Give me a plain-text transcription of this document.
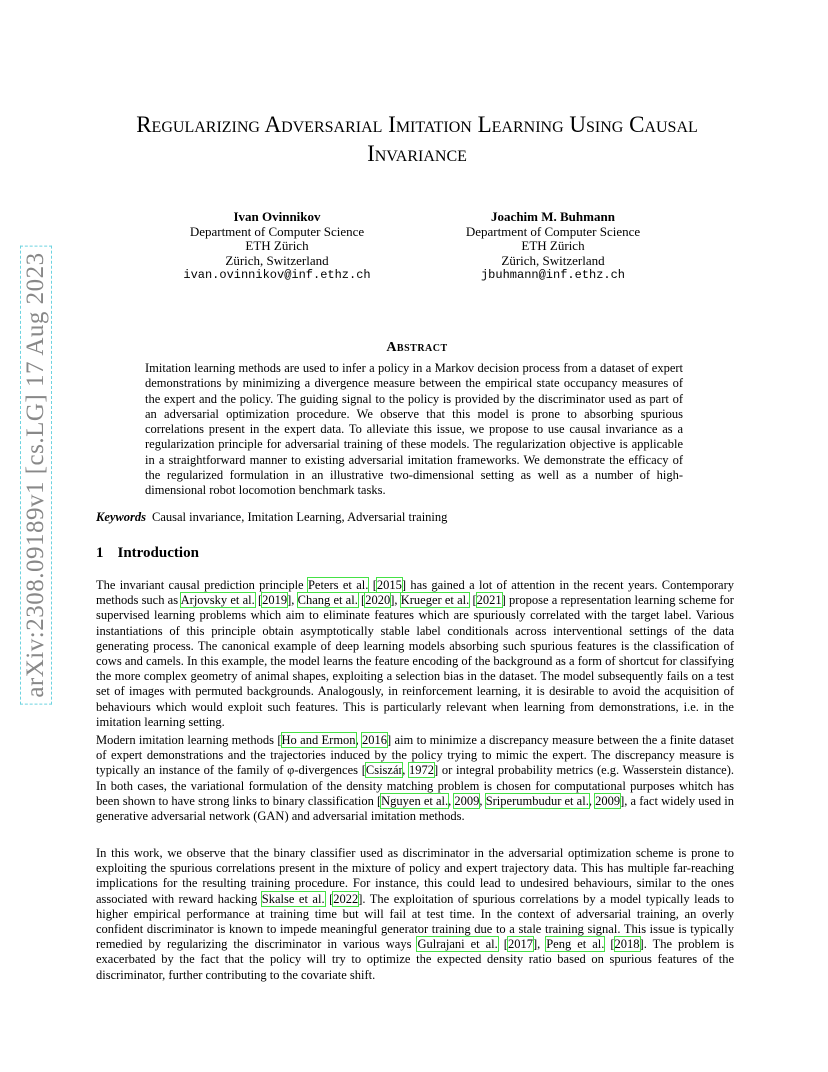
arXiv:2308.09189v1 [cs.LG] 17 Aug 2023
Regularizing Adversarial Imitation Learning Using Causal Invariance
Ivan Ovinnikov
Department of Computer Science
ETH Zürich
Zürich, Switzerland
ivan.ovinnikov@inf.ethz.ch
Joachim M. Buhmann
Department of Computer Science
ETH Zürich
Zürich, Switzerland
jbuhmann@inf.ethz.ch
Abstract
Imitation learning methods are used to infer a policy in a Markov decision process from a dataset of expert demonstrations by minimizing a divergence measure between the empirical state occupancy measures of the expert and the policy. The guiding signal to the policy is provided by the discriminator used as part of an adversarial optimization procedure. We observe that this model is prone to absorbing spurious correlations present in the expert data. To alleviate this issue, we propose to use causal invariance as a regularization principle for adversarial training of these models. The regularization objective is applicable in a straightforward manner to existing adversarial imitation frameworks. We demonstrate the efficacy of the regularized formulation in an illustrative two-dimensional setting as well as a number of high-dimensional robot locomotion benchmark tasks.
Keywords Causal invariance, Imitation Learning, Adversarial training
1 Introduction

The invariant causal prediction principle Peters et al. [2015] has gained a lot of attention in the recent years. Contemporary methods such as Arjovsky et al. [2019], Chang et al. [2020], Krueger et al. [2021] propose a representation learning scheme for supervised learning problems which aim to eliminate features which are spuriously correlated with the target label. Various instantiations of this principle obtain asymptotically stable label conditionals across interventional settings of the data generating process. The canonical example of deep learning models absorbing such spurious features is the classification of cows and camels. In this example, the model learns the feature encoding of the background as a form of shortcut for classifying the more complex geometry of animal shapes, exploiting a selection bias in the dataset. The model subsequently fails on a test set of images with permuted backgrounds. Analogously, in reinforcement learning, it is desirable to avoid the acquisition of behaviours which would exploit such features. This is particularly relevant when learning from demonstrations, i.e. in the imitation learning setting.

Modern imitation learning methods [Ho and Ermon, 2016] aim to minimize a discrepancy measure between the a finite dataset of expert demonstrations and the trajectories induced by the policy trying to mimic the expert. The discrepancy measure is typically an instance of the family of φ-divergences [Csiszár, 1972] or integral probability metrics (e.g. Wasserstein distance). In both cases, the variational formulation of the density matching problem is chosen for computational purposes whitch has been shown to have strong links to binary classification [Nguyen et al., 2009, Sriperumbudur et al., 2009], a fact widely used in generative adversarial network (GAN) and adversarial imitation methods.

In this work, we observe that the binary classifier used as discriminator in the adversarial optimization scheme is prone to exploiting the spurious correlations present in the mixture of policy and expert trajectory data. This has multiple far-reaching implications for the resulting training procedure. For instance, this could lead to undesired behaviours, similar to the ones associated with reward hacking Skalse et al. [2022]. The exploitation of spurious correlations by a model typically leads to higher empirical performance at training time but will fail at test time. In the context of adversarial training, an overly confident discriminator is known to impede meaningful generator training due to a stale training signal. This issue is typically remedied by regularizing the discriminator in various ways Gulrajani et al. [2017], Peng et al. [2018]. The problem is exacerbated by the fact that the policy will try to optimize the expected density ratio based on spurious features of the discriminator, further contributing to the covariate shift.
